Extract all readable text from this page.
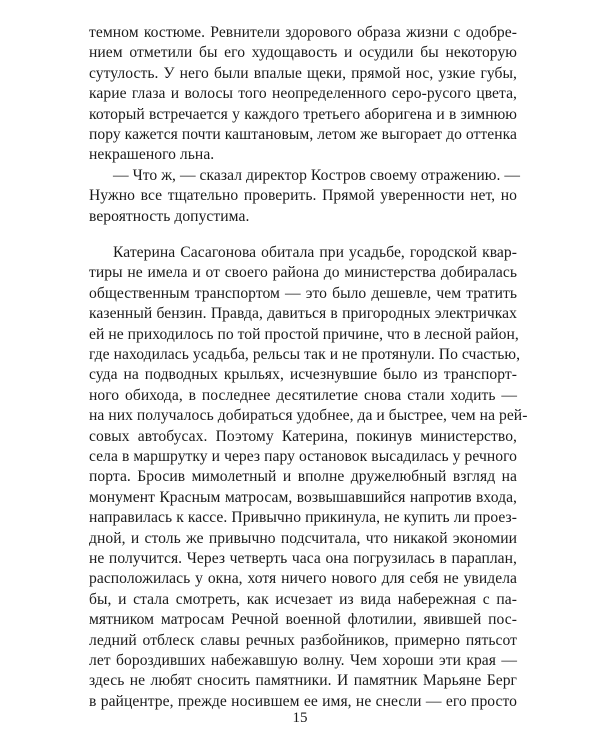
темном костюме. Ревнители здорового образа жизни с одобре-
нием отметили бы его худощавость и осудили бы некоторую
сутулость. У него были впалые щеки, прямой нос, узкие губы,
карие глаза и волосы того неопределенного серо-русого цвета,
который встречается у каждого третьего аборигена и в зимнюю
пору кажется почти каштановым, летом же выгорает до оттенка
некрашеного льна.
— Что ж, — сказал директор Костров своему отражению. —
Нужно все тщательно проверить. Прямой уверенности нет, но
вероятность допустима.
Катерина Сасагонова обитала при усадьбе, городской квар-
тиры не имела и от своего района до министерства добиралась
общественным транспортом — это было дешевле, чем тратить
казенный бензин. Правда, давиться в пригородных электричках
ей не приходилось по той простой причине, что в лесной район,
где находилась усадьба, рельсы так и не протянули. По счастью,
суда на подводных крыльях, исчезнувшие было из транспорт-
ного обихода, в последнее десятилетие снова стали ходить —
на них получалось добираться удобнее, да и быстрее, чем на рей-
совых автобусах. Поэтому Катерина, покинув министерство,
села в маршрутку и через пару остановок высадилась у речного
порта. Бросив мимолетный и вполне дружелюбный взгляд на
монумент Красным матросам, возвышавшийся напротив входа,
направилась к кассе. Привычно прикинула, не купить ли проез-
дной, и столь же привычно подсчитала, что никакой экономии
не получится. Через четверть часа она погрузилась в параплан,
расположилась у окна, хотя ничего нового для себя не увидела
бы, и стала смотреть, как исчезает из вида набережная с па-
мятником матросам Речной военной флотилии, явившей пос-
ледний отблеск славы речных разбойников, примерно пятьсот
лет бороздивших набежавшую волну. Чем хороши эти края —
здесь не любят сносить памятники. И памятник Марьяне Берг
в райцентре, прежде носившем ее имя, не снесли — его просто
15
